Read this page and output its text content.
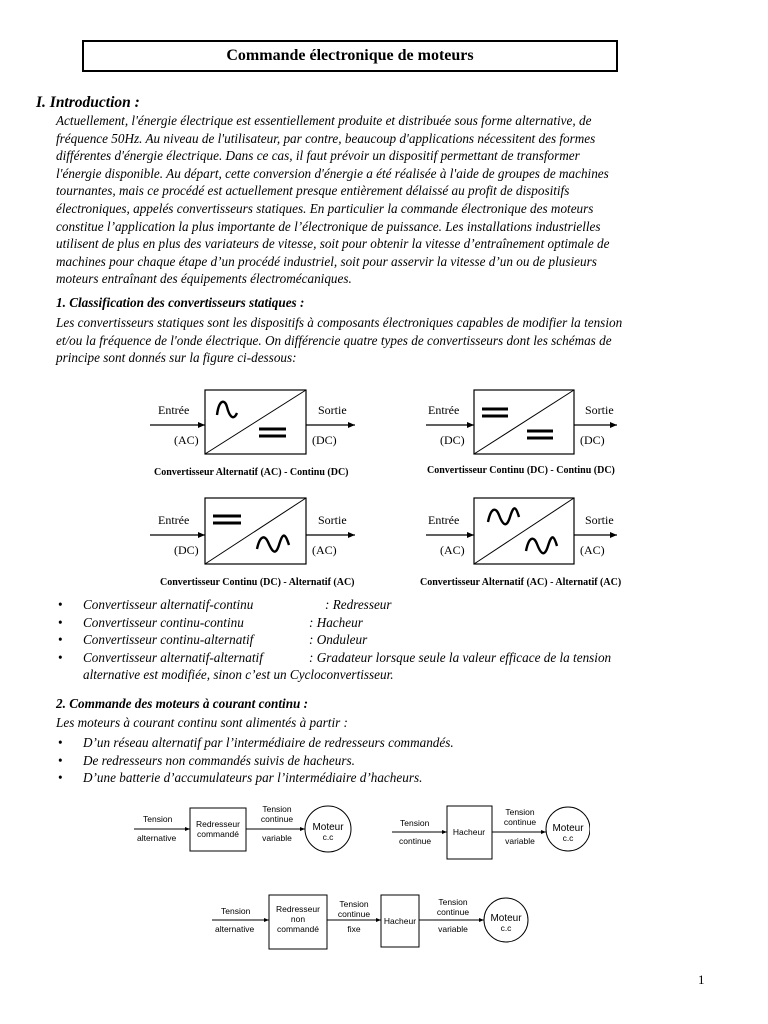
Commande électronique de moteurs
I. Introduction :
Actuellement, l'énergie électrique est essentiellement produite et distribuée sous forme alternative, de
fréquence 50Hz. Au niveau de l'utilisateur, par contre, beaucoup d'applications nécessitent des formes
différentes d'énergie électrique. Dans ce cas, il faut prévoir un dispositif permettant de transformer
l'énergie disponible. Au départ, cette conversion d'énergie a été réalisée à l'aide de groupes de machines
tournantes, mais ce procédé est actuellement presque entièrement délaissé au profit de dispositifs
électroniques, appelés convertisseurs statiques. En particulier la commande électronique des moteurs
constitue l’application la plus importante de l’électronique de puissance. Les installations industrielles
utilisent de plus en plus des variateurs de vitesse, soit pour obtenir la vitesse d’entraînement optimale de
machines pour chaque étape d’un procédé industriel, soit pour asservir la vitesse d’un ou de plusieurs
moteurs entraînant des équipements électromécaniques.
1. Classification des convertisseurs statiques :
Les convertisseurs statiques sont les dispositifs à composants électroniques capables de modifier la tension
et/ou la fréquence de l'onde électrique. On différencie quatre types de convertisseurs dont les schémas de
principe sont donnés sur la figure ci-dessous:
Entrée
(AC)
Sortie
(DC)
Convertisseur Alternatif (AC) - Continu (DC)
Entrée
(DC)
Sortie
(DC)
Convertisseur Continu (DC) - Continu (DC)
Entrée
(DC)
Sortie
(AC)
Convertisseur Continu (DC) - Alternatif (AC)
Entrée
(AC)
Sortie
(AC)
Convertisseur Alternatif (AC) - Alternatif (AC)
• Convertisseur alternatif-continu	: Redresseur
• Convertisseur continu-continu	: Hacheur
• Convertisseur continu-alternatif	: Onduleur
• Convertisseur alternatif-alternatif	: Gradateur lorsque seule la valeur efficace de la tension
alternative est modifiée, sinon c’est un Cycloconvertisseur.
2. Commande des moteurs à courant continu :
Les moteurs à courant continu sont alimentés à partir :
• D’un réseau alternatif par l’intermédiaire de redresseurs commandés.
• De redresseurs non commandés suivis de hacheurs.
• D’une batterie d’accumulateurs par l’intermédiaire d’hacheurs.
Tension
alternative
Redresseur
commandé
Tension
continue
variable
Moteur
c.c
Tension
continue
Hacheur
Tension
continue
variable
Moteur
c.c
Tension
alternative
Redresseur
non
commandé
Tension
continue
fixe
Hacheur
Tension
continue
variable
Moteur
c.c
1
